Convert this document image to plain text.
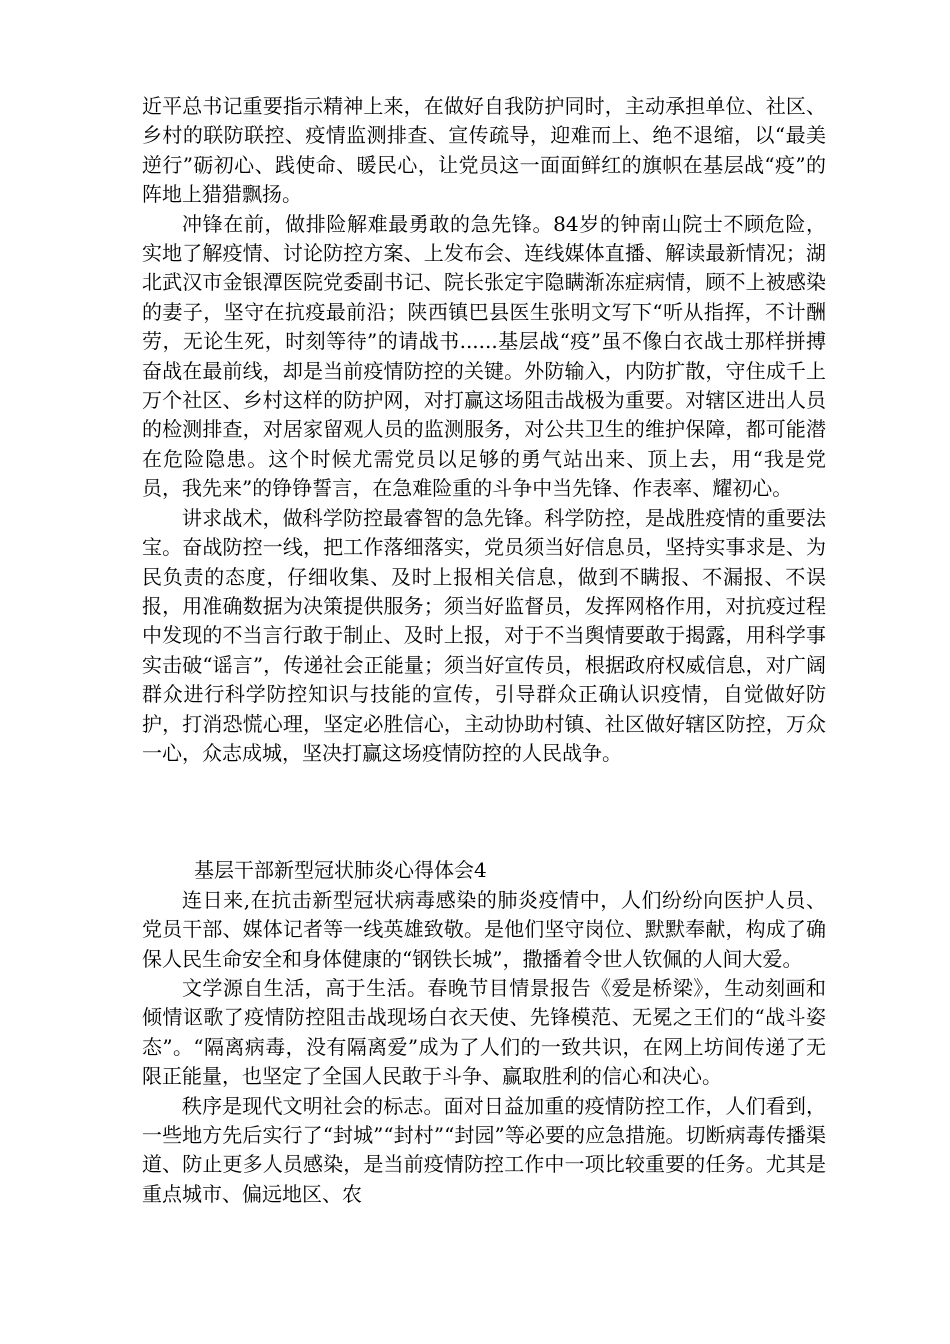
近平总书记重要指示精神上来，在做好自我防护同时，主动承担单位、社区、乡村的联防联控、疫情监测排查、宣传疏导，迎难而上、绝不退缩，以“最美逆行”砺初心、践使命、暖民心，让党员这一面面鲜红的旗帜在基层战“疫”的阵地上猎猎飘扬。

冲锋在前，做排险解难最勇敢的急先锋。84岁的钟南山院士不顾危险，实地了解疫情、讨论防控方案、上发布会、连线媒体直播、解读最新情况；湖北武汉市金银潭医院党委副书记、院长张定宇隐瞒渐冻症病情，顾不上被感染的妻子，坚守在抗疫最前沿；陕西镇巴县医生张明文写下“听从指挥，不计酬劳，无论生死，时刻等待”的请战书......基层战“疫”虽不像白衣战士那样拼搏奋战在最前线，却是当前疫情防控的关键。外防输入，内防扩散，守住成千上万个社区、乡村这样的防护网，对打赢这场阻击战极为重要。对辖区进出人员的检测排查，对居家留观人员的监测服务，对公共卫生的维护保障，都可能潜在危险隐患。这个时候尤需党员以足够的勇气站出来、顶上去，用“我是党员，我先来”的铮铮誓言，在急难险重的斗争中当先锋、作表率、耀初心。

讲求战术，做科学防控最睿智的急先锋。科学防控，是战胜疫情的重要法宝。奋战防控一线，把工作落细落实，党员须当好信息员，坚持实事求是、为民负责的态度，仔细收集、及时上报相关信息，做到不瞒报、不漏报、不误报，用准确数据为决策提供服务；须当好监督员，发挥网格作用，对抗疫过程中发现的不当言行敢于制止、及时上报，对于不当舆情要敢于揭露，用科学事实击破“谣言”，传递社会正能量；须当好宣传员，根据政府权威信息，对广阔群众进行科学防控知识与技能的宣传，引导群众正确认识疫情，自觉做好防护，打消恐慌心理，坚定必胜信心，主动协助村镇、社区做好辖区防控，万众一心，众志成城，坚决打赢这场疫情防控的人民战争。

基层干部新型冠状肺炎心得体会4

连日来,在抗击新型冠状病毒感染的肺炎疫情中，人们纷纷向医护人员、党员干部、媒体记者等一线英雄致敬。是他们坚守岗位、默默奉献，构成了确保人民生命安全和身体健康的“钢铁长城”，撒播着令世人钦佩的人间大爱。

文学源自生活，高于生活。春晚节目情景报告《爱是桥梁》，生动刻画和倾情讴歌了疫情防控阻击战现场白衣天使、先锋模范、无冕之王们的“战斗姿态”。“隔离病毒，没有隔离爱”成为了人们的一致共识，在网上坊间传递了无限正能量，也坚定了全国人民敢于斗争、赢取胜利的信心和决心。

秩序是现代文明社会的标志。面对日益加重的疫情防控工作，人们看到，一些地方先后实行了“封城”“封村”“封园”等必要的应急措施。切断病毒传播渠道、防止更多人员感染，是当前疫情防控工作中一项比较重要的任务。尤其是重点城市、偏远地区、农
